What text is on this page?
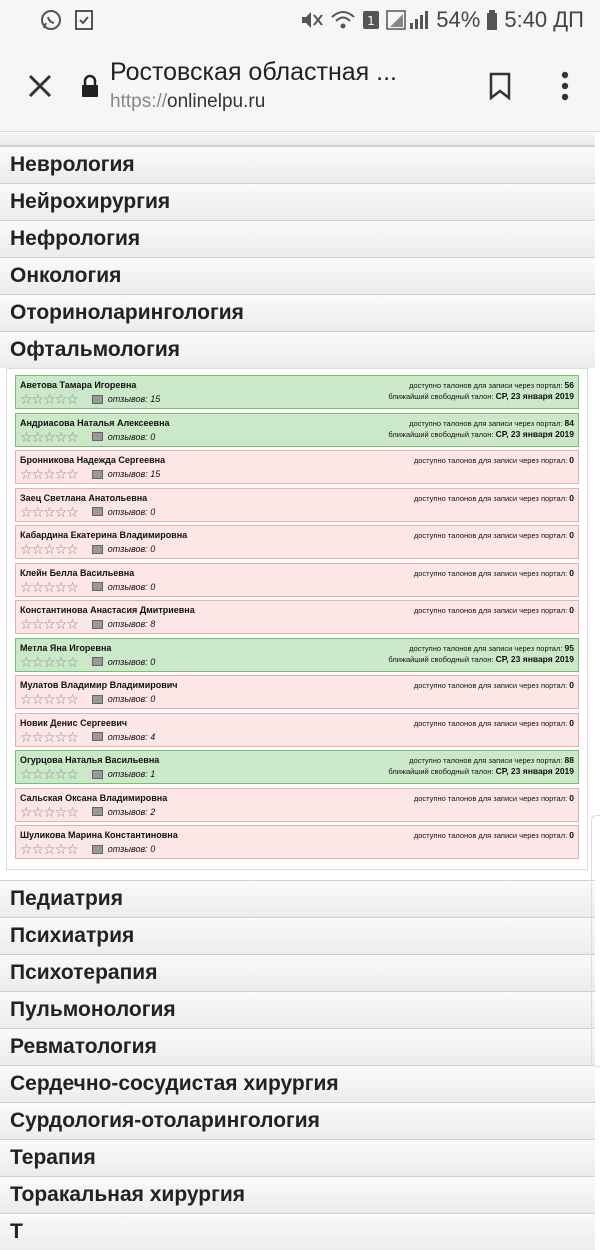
1	54% 5:40 ДП
Ростовская областная ...
https://onlinelpu.ru
Неврология
Нейрохирургия
Нефрология
Онкология
Оториноларингология
Офтальмология
Аветова Тамара Игоревна
☆☆☆☆☆	отзывов:
15
доступно талонов для записи через портал: 56
ближайший свободный талон: СР, 23 января 2019
Андриасова Наталья Алексеевна
☆☆☆☆☆	отзывов:
0
доступно талонов для записи через портал: 84
ближайший свободный талон: СР, 23 января 2019
Бронникова Надежда Сергеевна
☆☆☆☆☆	отзывов:
15
доступно талонов для записи через портал: 0
Заец Светлана Анатольевна
☆☆☆☆☆	отзывов:
0
доступно талонов для записи через портал: 0
Кабардина Екатерина Владимировна
☆☆☆☆☆	отзывов:
0
доступно талонов для записи через портал: 0
Клейн Белла Васильевна
☆☆☆☆☆	отзывов:
0
доступно талонов для записи через портал: 0
Константинова Анастасия Дмитриевна
☆☆☆☆☆	отзывов:
8
доступно талонов для записи через портал: 0
Метла Яна Игоревна
☆☆☆☆☆	отзывов:
0
доступно талонов для записи через портал: 95
ближайший свободный талон: СР, 23 января 2019
Мулатов Владимир Владимирович
☆☆☆☆☆	отзывов:
0
доступно талонов для записи через портал: 0
Новик Денис Сергеевич
☆☆☆☆☆	отзывов:
4
доступно талонов для записи через портал: 0
Огурцова Наталья Васильевна
☆☆☆☆☆	отзывов:
1
доступно талонов для записи через портал: 88
ближайший свободный талон: СР, 23 января 2019
Сальская Оксана Владимировна
☆☆☆☆☆	отзывов:
2
доступно талонов для записи через портал: 0
Шуликова Марина Константиновна
☆☆☆☆☆	отзывов:
0
доступно талонов для записи через портал: 0
Педиатрия
Психиатрия
Психотерапия
Пульмонология
Ревматология
Сердечно-сосудистая хирургия
Сурдология-отоларингология
Терапия
Торакальная хирургия
Т
